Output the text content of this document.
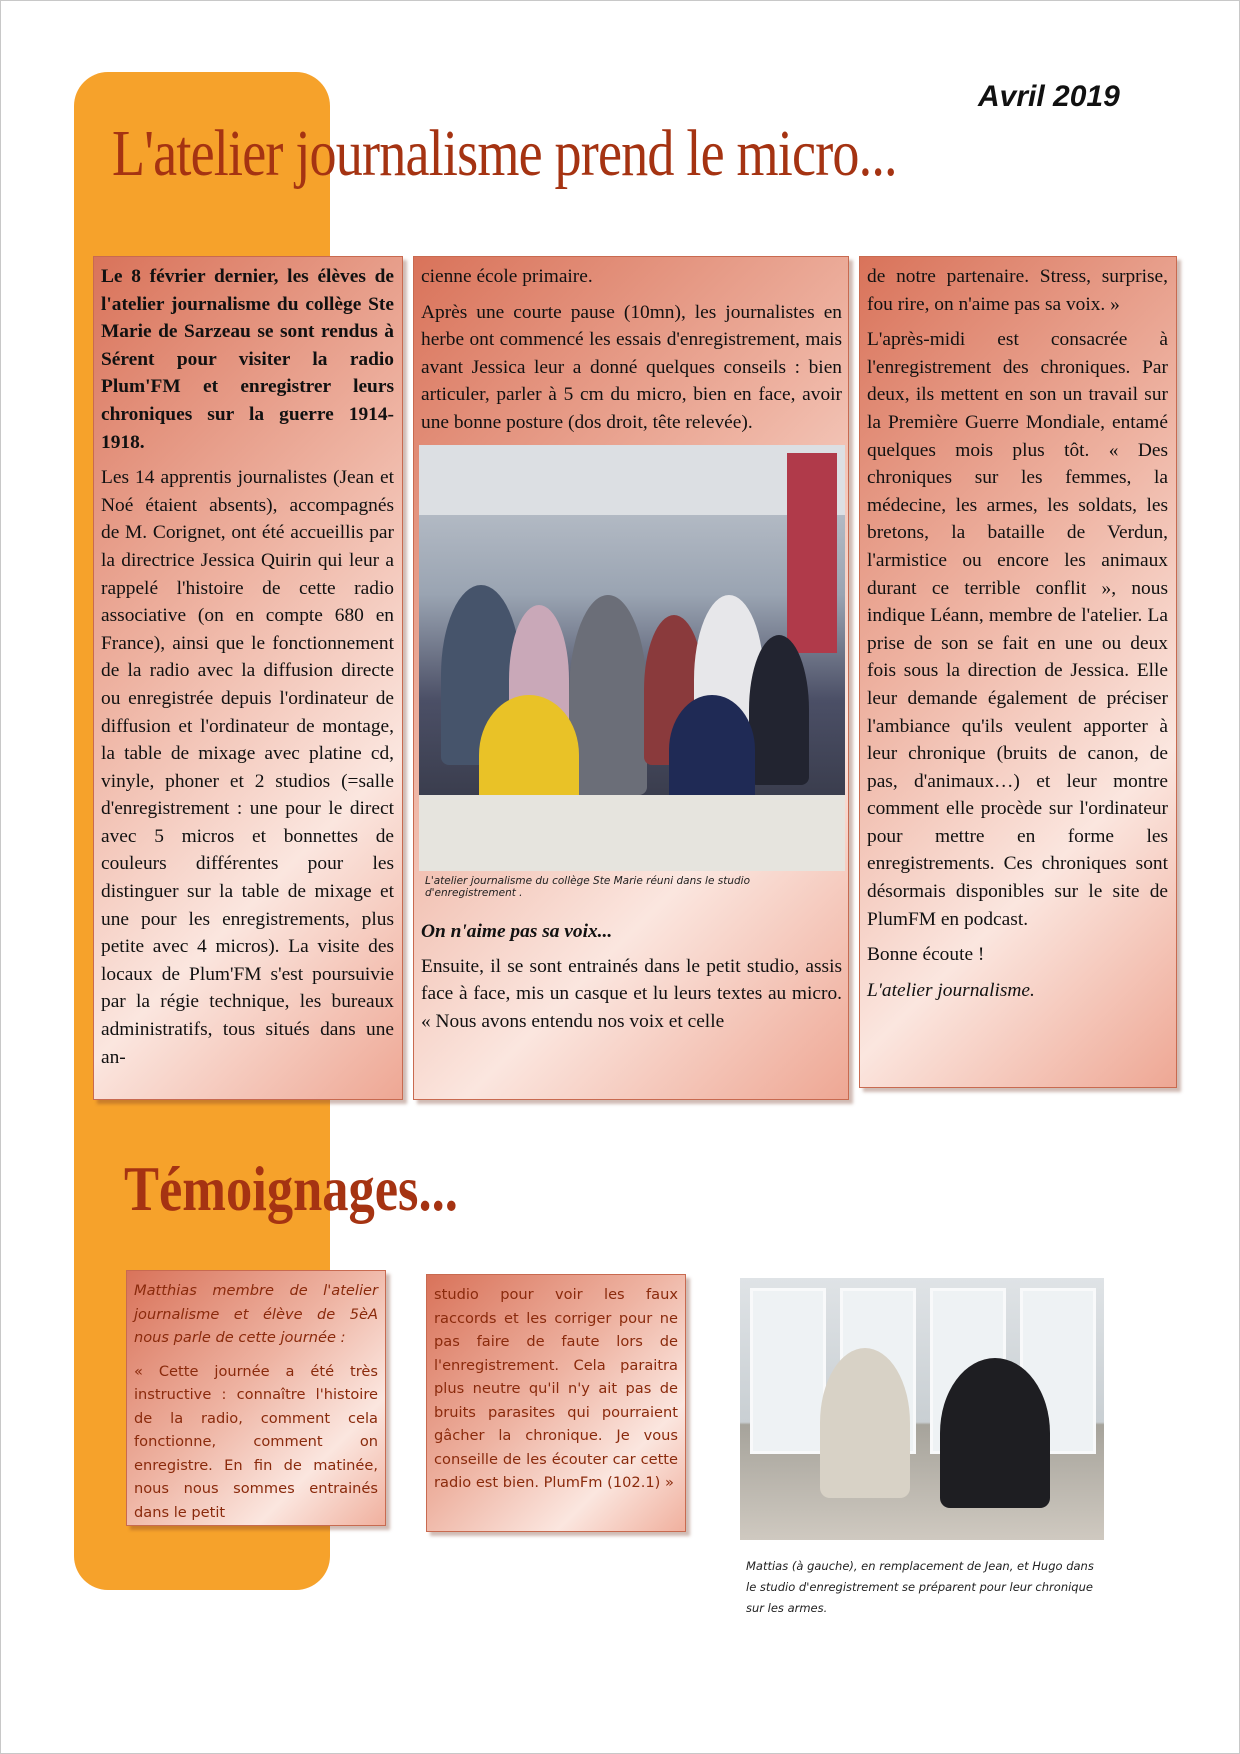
Avril 2019
L'atelier journalisme prend le micro...

Le 8 février dernier, les élèves de l'atelier journalisme du collège Ste Marie de Sarzeau se sont rendus à Sérent pour visiter la radio Plum'FM et enregistrer leurs chroniques sur la guerre 1914-1918.

Les 14 apprentis journalistes (Jean et Noé étaient absents), accompagnés de M. Corignet, ont été accueillis par la directrice Jessica Quirin qui leur a rappelé l'histoire de cette radio associative (on en compte 680 en France), ainsi que le fonctionnement de la radio avec la diffusion directe ou enregistrée depuis l'ordinateur de diffusion et l'ordinateur de montage, la table de mixage avec platine cd, vinyle, phoner et 2 studios (=salle d'enregistrement : une pour le direct avec 5 micros et bonnettes de couleurs différentes pour les distinguer sur la table de mixage et une pour les enregistrements, plus petite avec 4 micros). La visite des locaux de Plum'FM s'est poursuivie par la régie technique, les bureaux administratifs, tous situés dans une an-

cienne école primaire.

Après une courte pause (10mn), les journalistes en herbe ont commencé les essais d'enregistrement, mais avant Jessica leur a donné quelques conseils : bien articuler, parler à 5 cm du micro, bien en face, avoir une bonne posture (dos droit, tête relevée).

L'atelier journalisme du collège Ste Marie réuni dans le studio d'enregistrement .
On n'aime pas sa voix...

Ensuite, il se sont entrainés dans le petit studio, assis face à face, mis un casque et lu leurs textes au micro. « Nous avons entendu nos voix et celle

de notre partenaire. Stress, surprise, fou rire, on n'aime pas sa voix. »

L'après-midi est consacrée à l'enregistrement des chroniques. Par deux, ils mettent en son un travail sur la Première Guerre Mondiale, entamé quelques mois plus tôt. « Des chroniques sur les femmes, la médecine, les armes, les soldats, les bretons, la bataille de Verdun, l'armistice ou encore les animaux durant ce terrible conflit », nous indique Léann, membre de l'atelier. La prise de son se fait en une ou deux fois sous la direction de Jessica. Elle leur demande également de préciser l'ambiance qu'ils veulent apporter à leur chronique (bruits de canon, de pas, d'animaux…) et leur montre comment elle procède sur l'ordinateur pour mettre en forme les enregistrements. Ces chroniques sont désormais disponibles sur le site de PlumFM en podcast.

Bonne écoute !

L'atelier journalisme.

Témoignages...

Matthias membre de l'atelier journalisme et élève de 5èA nous parle de cette journée :

« Cette journée a été très instructive : connaître l'histoire de la radio, comment cela fonctionne, comment on enregistre. En fin de matinée, nous nous sommes entrainés dans le petit

studio pour voir les faux raccords et les corriger pour ne pas faire de faute lors de l'enregistrement. Cela paraitra plus neutre qu'il n'y ait pas de bruits parasites qui pourraient gâcher la chronique. Je vous conseille de les écouter car cette radio est bien. PlumFm (102.1) »

Mattias (à gauche), en remplacement de Jean, et Hugo dans le studio d'enregistrement se préparent pour leur chronique sur les armes.
